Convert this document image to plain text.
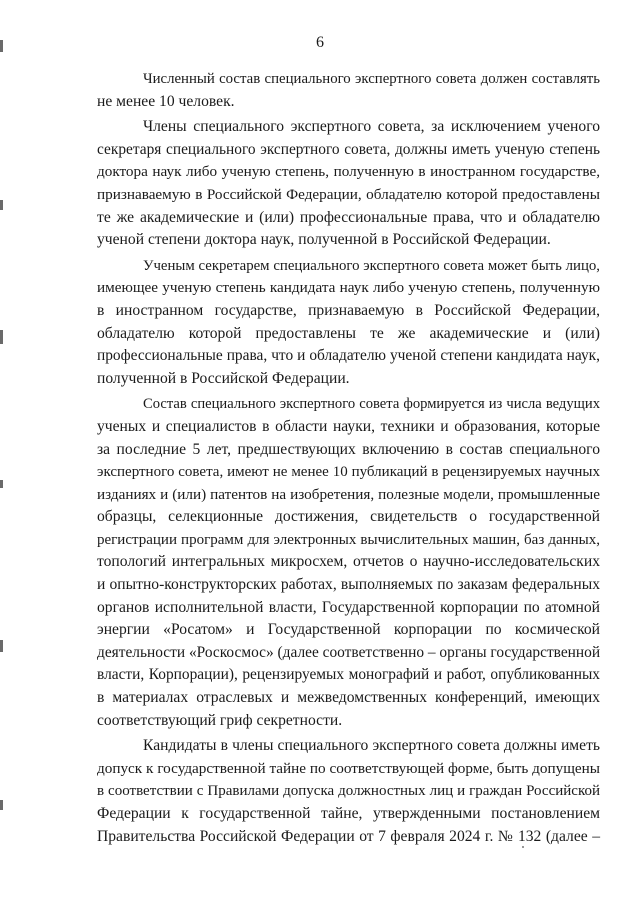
6

Численный состав специального экспертного совета должен составлять
не менее 10 человек.

Члены специального экспертного совета, за исключением ученого
секретаря специального экспертного совета, должны иметь ученую степень
доктора наук либо ученую степень, полученную в иностранном государстве,
признаваемую в Российской Федерации, обладателю которой предоставлены
те же академические и (или) профессиональные права, что и обладателю
ученой степени доктора наук, полученной в Российской Федерации.

Ученым секретарем специального экспертного совета может быть лицо,
имеющее ученую степень кандидата наук либо ученую степень, полученную
в иностранном государстве, признаваемую в Российской Федерации,
обладателю которой предоставлены те же академические и (или)
профессиональные права, что и обладателю ученой степени кандидата наук,
полученной в Российской Федерации.

Состав специального экспертного совета формируется из числа ведущих
ученых и специалистов в области науки, техники и образования, которые
за последние 5 лет, предшествующих включению в состав специального
экспертного совета, имеют не менее 10 публикаций в рецензируемых научных
изданиях и (или) патентов на изобретения, полезные модели, промышленные
образцы, селекционные достижения, свидетельств о государственной
регистрации программ для электронных вычислительных машин, баз данных,
топологий интегральных микросхем, отчетов о научно-исследовательских
и опытно-конструкторских работах, выполняемых по заказам федеральных
органов исполнительной власти, Государственной корпорации по атомной
энергии «Росатом» и Государственной корпорации по космической
деятельности «Роскосмос» (далее соответственно – органы государственной
власти, Корпорации), рецензируемых монографий и работ, опубликованных
в материалах отраслевых и межведомственных конференций, имеющих
соответствующий гриф секретности.

Кандидаты в члены специального экспертного совета должны иметь
допуск к государственной тайне по соответствующей форме, быть допущены
в соответствии с Правилами допуска должностных лиц и граждан Российской
Федерации к государственной тайне, утвержденными постановлением
Правительства Российской Федерации от 7 февраля 2024 г. № 132 (далее –
